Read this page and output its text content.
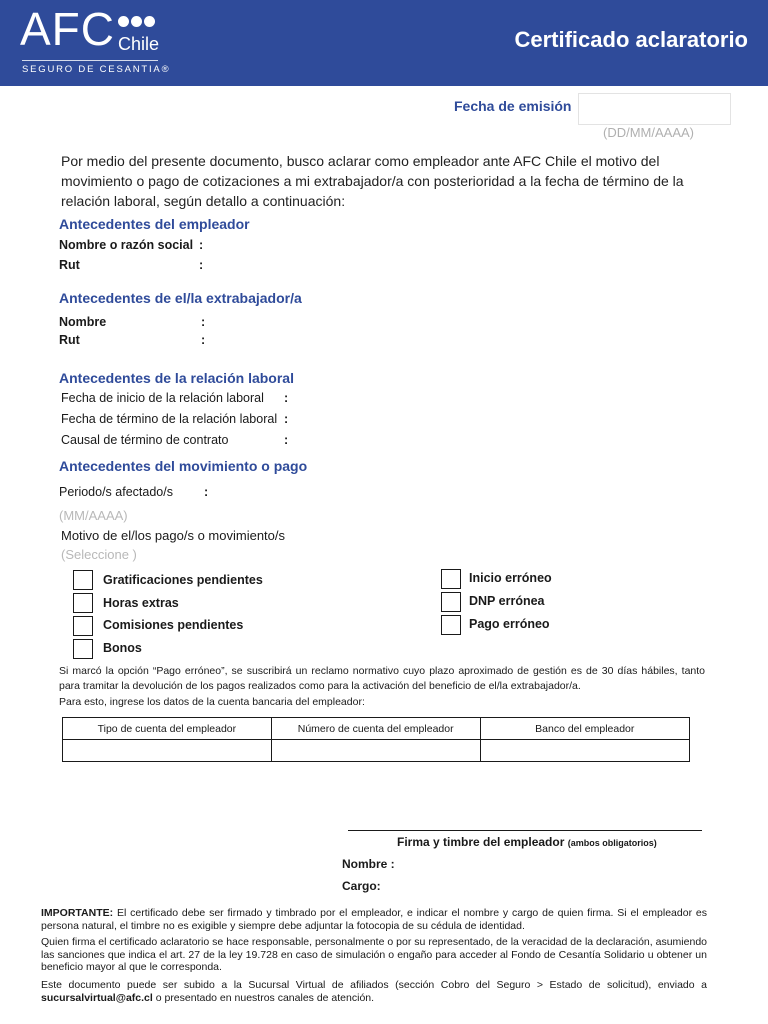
AFC Chile
SEGURO DE CESANTIA®
Certificado aclaratorio
Fecha de emisión
(DD/MM/AAAA)
Por medio del presente documento, busco aclarar como empleador ante AFC Chile el motivo del movimiento o pago de cotizaciones a mi extrabajador/a con posterioridad a la fecha de término de la relación laboral, según detallo a continuación:
Antecedentes del empleador
Nombre o razón social :
Rut	:
Antecedentes de el/la extrabajador/a
Nombre	:
Rut	:
Antecedentes de la relación laboral
Fecha de inicio de la relación laboral :
Fecha de término de la relación laboral :
Causal de término de contrato	:
Antecedentes del movimiento o pago
Periodo/s afectado/s :
(MM/AAAA)
Motivo de el/los pago/s o movimiento/s
(Seleccione )
Gratificaciones pendientes
Horas extras
Comisiones pendientes
Bonos
Inicio erróneo
DNP errónea
Pago erróneo
Si marcó la opción “Pago erróneo”, se suscribirá un reclamo normativo cuyo plazo aproximado de gestión es de 30 días hábiles, tanto para tramitar la devolución de los pagos realizados como para la activación del beneficio de el/la extrabajador/a.
Para esto, ingrese los datos de la cuenta bancaria del empleador:
Tipo de cuenta del empleador	Número de cuenta del empleador	Banco del empleador

Firma y timbre del empleador (ambos obligatorios)
Nombre :
Cargo:
IMPORTANTE: El certificado debe ser firmado y timbrado por el empleador, e indicar el nombre y cargo de quien firma. Si el empleador es persona natural, el timbre no es exigible y siempre debe adjuntar la fotocopia de su cédula de identidad.
Quien firma el certificado aclaratorio se hace responsable, personalmente o por su representado, de la veracidad de la declaración, asumiendo las sanciones que indica el art. 27 de la ley 19.728 en caso de simulación o engaño para acceder al Fondo de Cesantía Solidario u obtener un beneficio mayor al que le corresponda.
Este documento puede ser subido a la Sucursal Virtual de afiliados (sección Cobro del Seguro > Estado de solicitud), enviado a sucursalvirtual@afc.cl o presentado en nuestros canales de atención.
